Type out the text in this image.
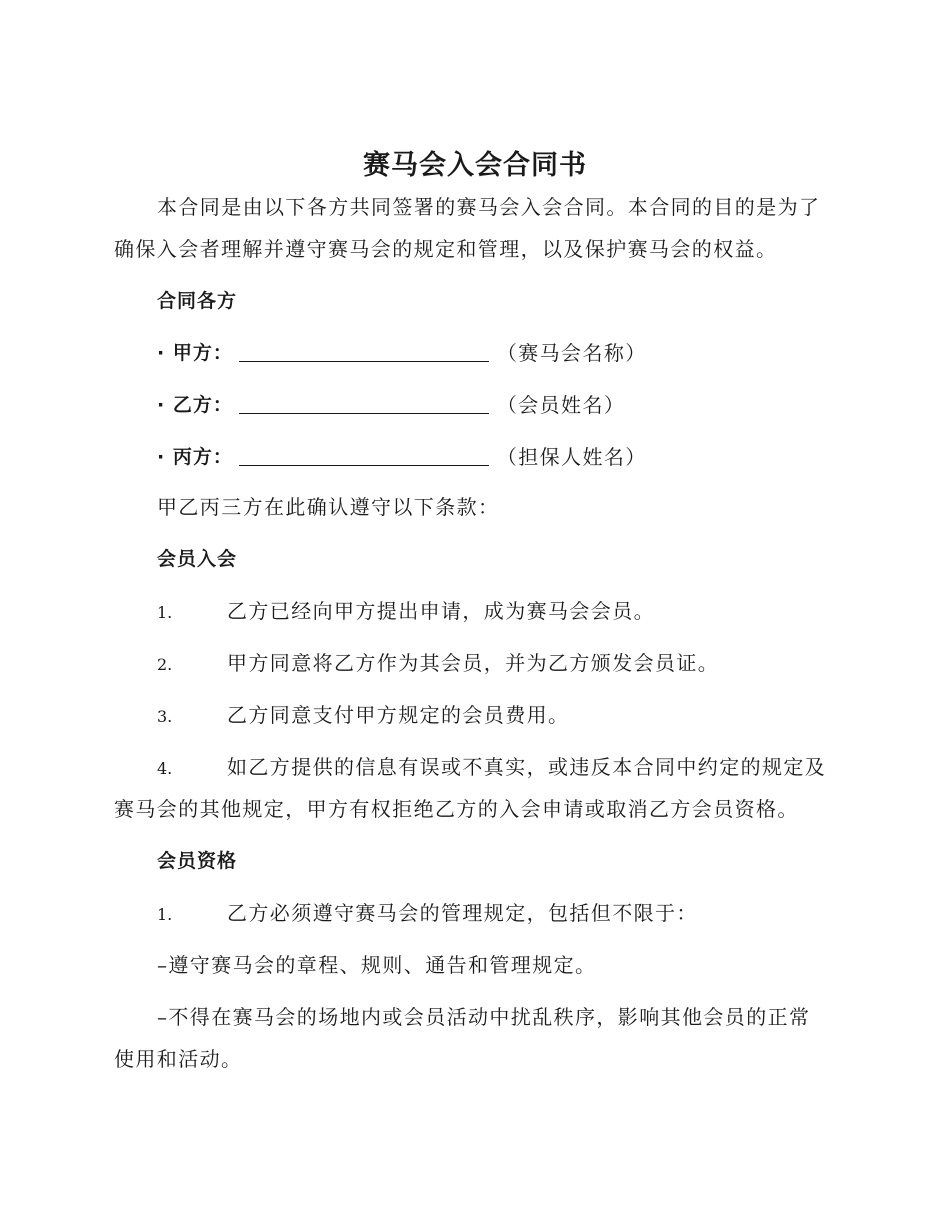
赛马会入会合同书
本合同是由以下各方共同签署的赛马会入会合同。本合同的目的是为了
确保入会者理解并遵守赛马会的规定和管理，以及保护赛马会的权益。
合同各方
· 甲方：	（赛马会名称）
· 乙方：	（会员姓名）
· 丙方：	（担保人姓名）
甲乙丙三方在此确认遵守以下条款：
会员入会
1.	乙方已经向甲方提出申请，成为赛马会会员。
2.	甲方同意将乙方作为其会员，并为乙方颁发会员证。
3.	乙方同意支付甲方规定的会员费用。
4.	如乙方提供的信息有误或不真实，或违反本合同中约定的规定及
赛马会的其他规定，甲方有权拒绝乙方的入会申请或取消乙方会员资格。
会员资格
1.	乙方必须遵守赛马会的管理规定，包括但不限于：
–遵守赛马会的章程、规则、通告和管理规定。
–不得在赛马会的场地内或会员活动中扰乱秩序，影响其他会员的正常
使用和活动。
